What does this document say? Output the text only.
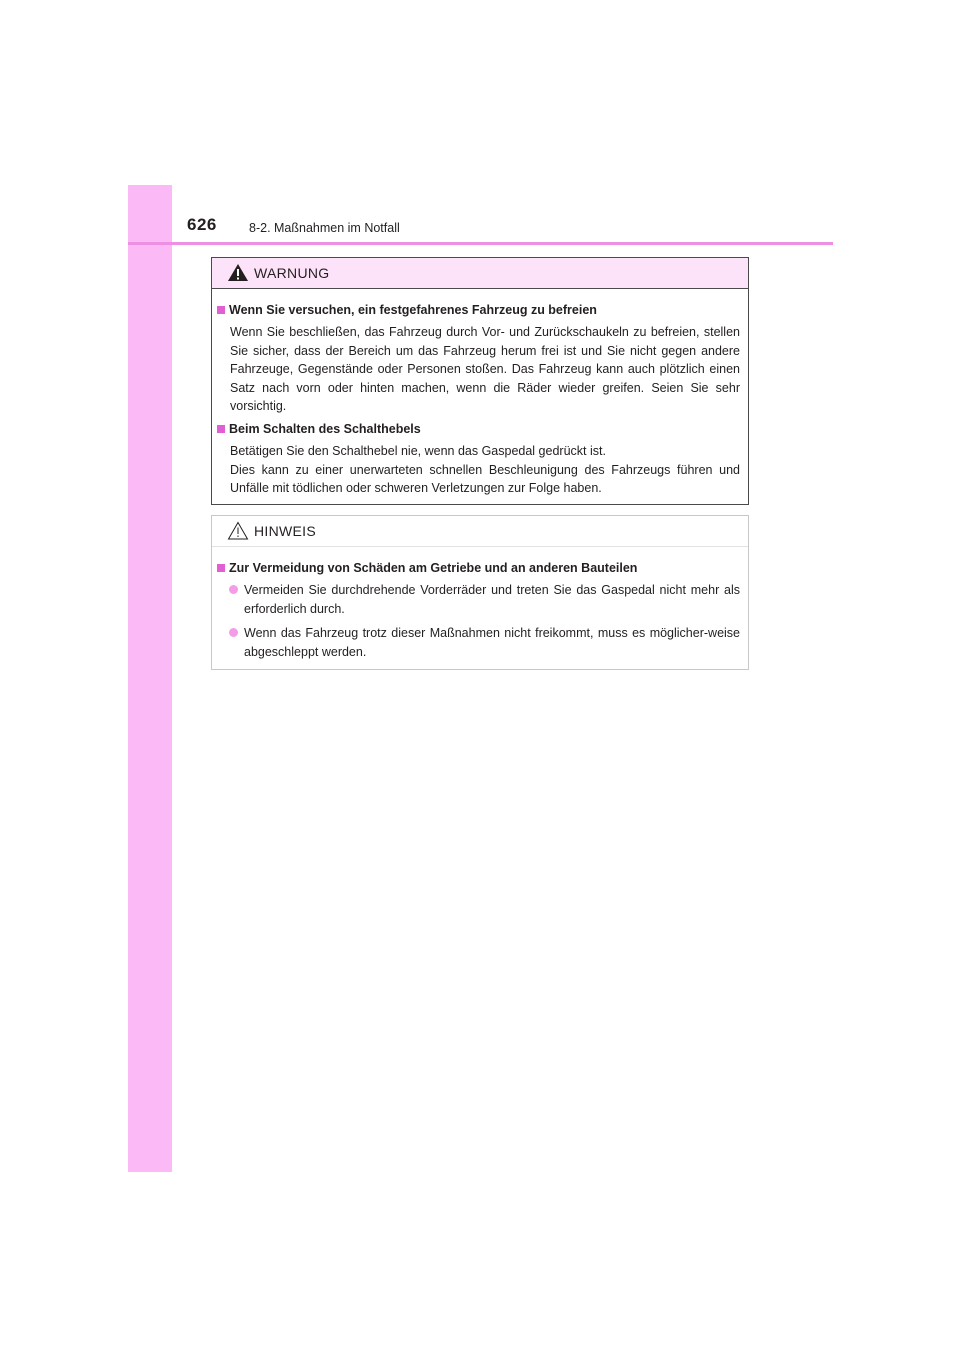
626	8-2. Maßnahmen im Notfall
WARNUNG
Wenn Sie versuchen, ein festgefahrenes Fahrzeug zu befreien

Wenn Sie beschließen, das Fahrzeug durch Vor- und Zurückschaukeln zu befreien, stellen Sie sicher, dass der Bereich um das Fahrzeug herum frei ist und Sie nicht gegen andere Fahrzeuge, Gegenstände oder Personen stoßen. Das Fahrzeug kann auch plötzlich einen Satz nach vorn oder hinten machen, wenn die Räder wieder greifen. Seien Sie sehr vorsichtig.

Beim Schalten des Schalthebels

Betätigen Sie den Schalthebel nie, wenn das Gaspedal gedrückt ist.

Dies kann zu einer unerwarteten schnellen Beschleunigung des Fahrzeugs führen und Unfälle mit tödlichen oder schweren Verletzungen zur Folge haben.

HINWEIS
Zur Vermeidung von Schäden am Getriebe und an anderen Bauteilen
Vermeiden Sie durchdrehende Vorderräder und treten Sie das Gaspedal nicht mehr als erforderlich durch.
Wenn das Fahrzeug trotz dieser Maßnahmen nicht freikommt, muss es möglicher-weise abgeschleppt werden.
